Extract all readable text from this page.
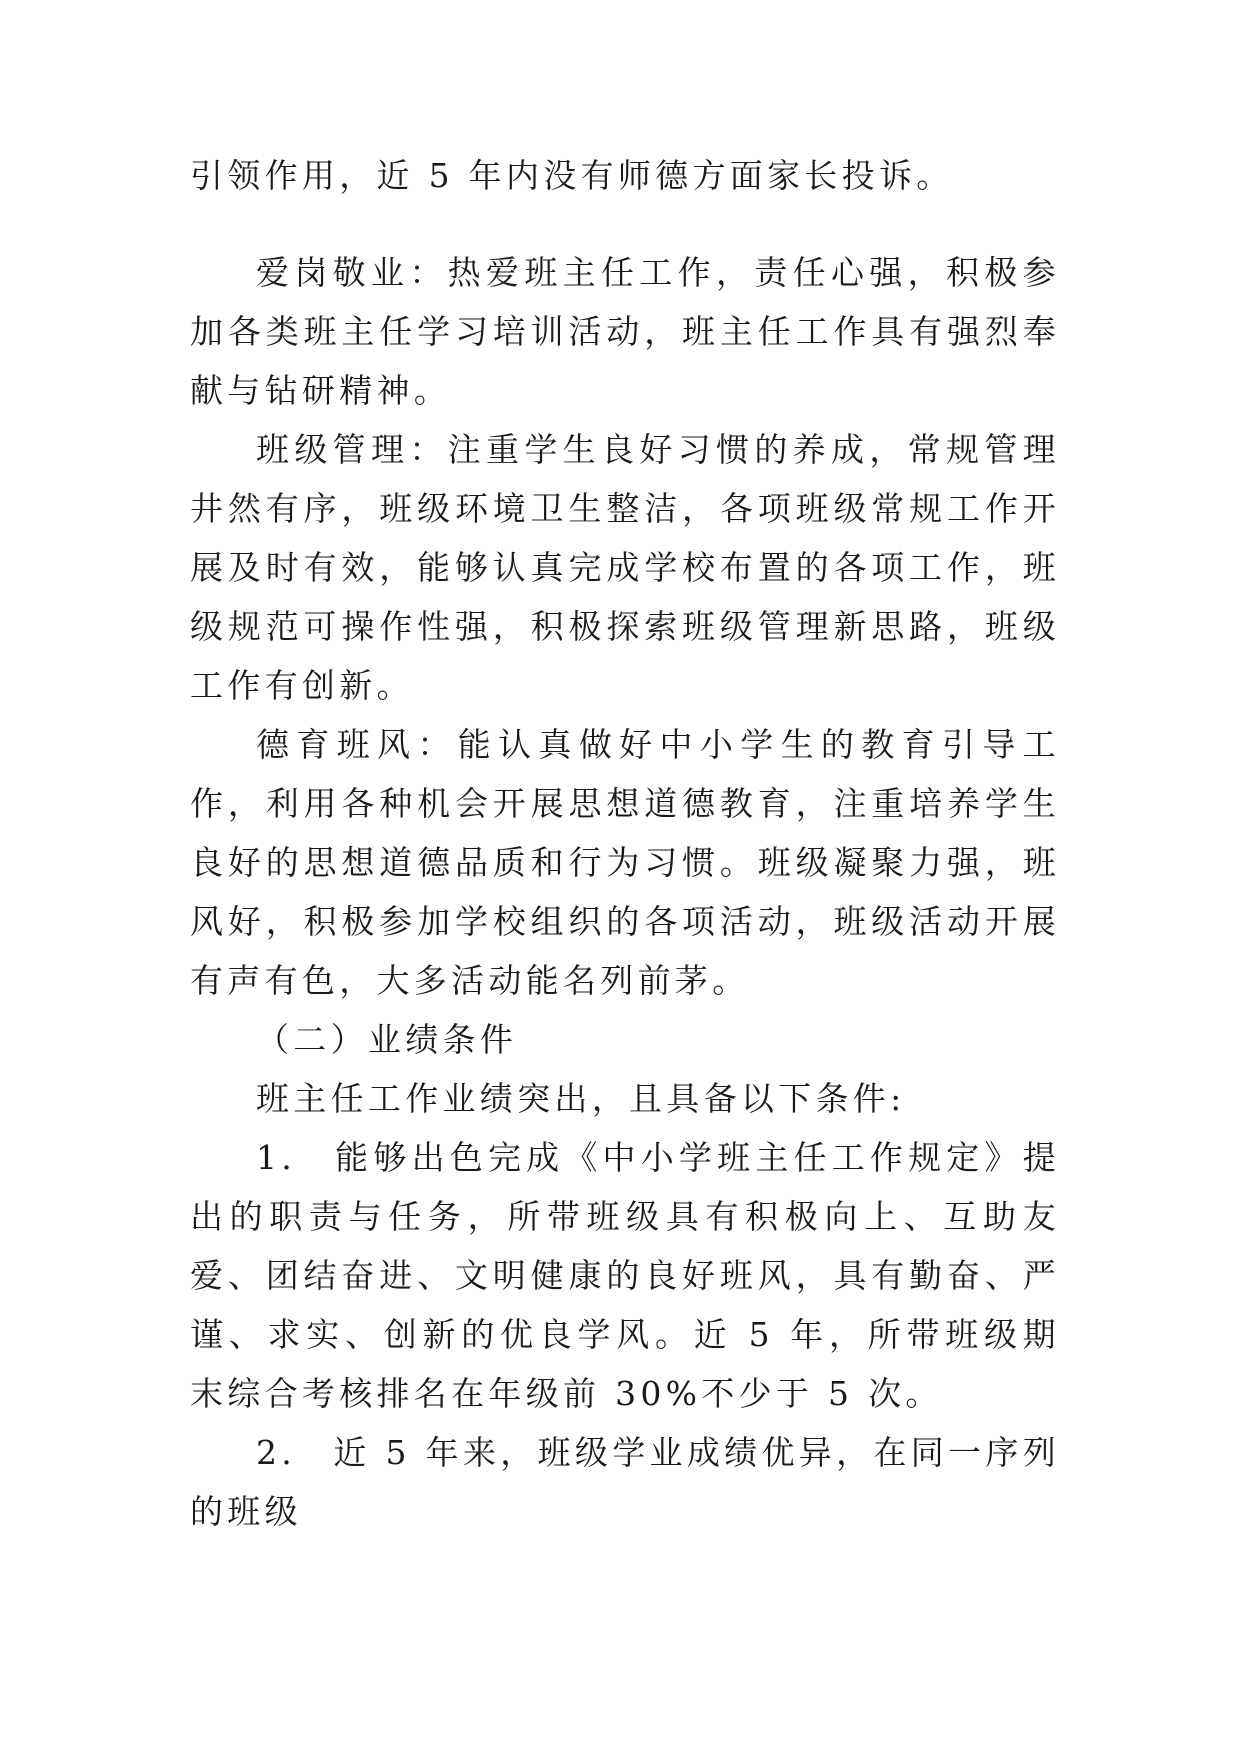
引领作用，近 5 年内没有师德方面家长投诉。

爱岗敬业：热爱班主任工作，责任心强，积极参加各类班主任学习培训活动，班主任工作具有强烈奉献与钻研精神。

班级管理：注重学生良好习惯的养成，常规管理井然有序，班级环境卫生整洁，各项班级常规工作开展及时有效，能够认真完成学校布置的各项工作，班级规范可操作性强，积极探索班级管理新思路，班级工作有创新。

德育班风：能认真做好中小学生的教育引导工作，利用各种机会开展思想道德教育，注重培养学生良好的思想道德品质和行为习惯。班级凝聚力强，班风好，积极参加学校组织的各项活动，班级活动开展有声有色，大多活动能名列前茅。

（二）业绩条件

班主任工作业绩突出，且具备以下条件:

1.　能够出色完成《中小学班主任工作规定》提出的职责与任务，所带班级具有积极向上、互助友爱、团结奋进、文明健康的良好班风，具有勤奋、严谨、求实、创新的优良学风。近 5 年，所带班级期末综合考核排名在年级前 30%不少于 5 次。

2.　近 5 年来，班级学业成绩优异，在同一序列的班级
